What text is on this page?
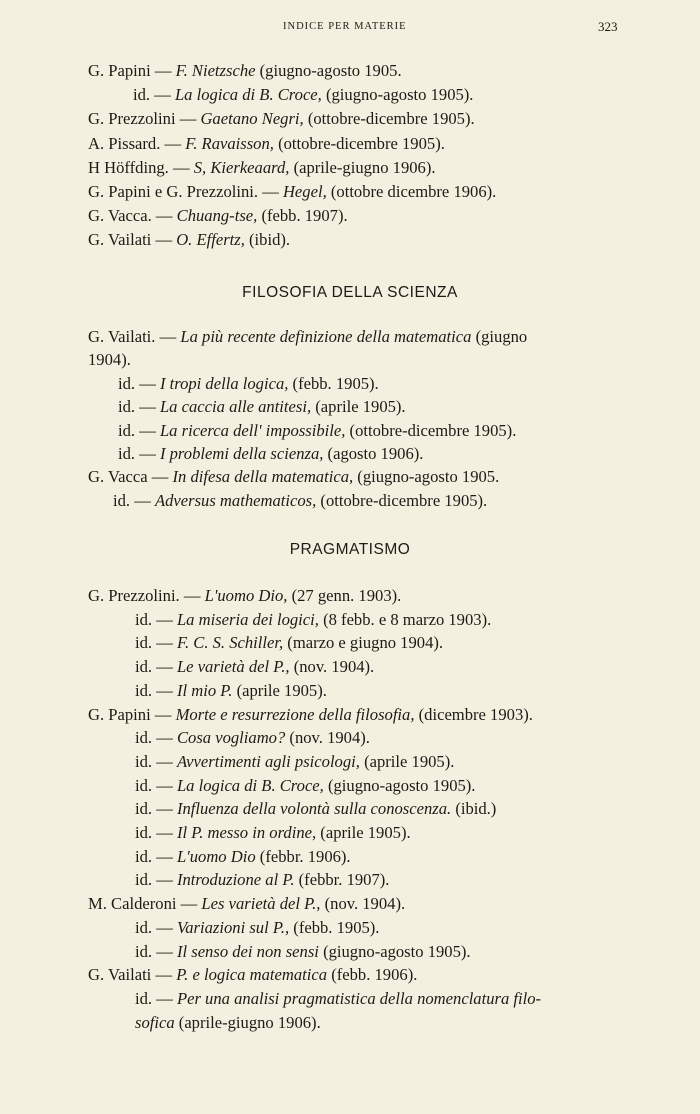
INDICE PER MATERIE	323
G. Papini — F. Nietzsche (giugno-agosto 1905.
id. — La logica di B. Croce, (giugno-agosto 1905).
G. Prezzolini — Gaetano Negri, (ottobre-dicembre 1905).
A. Pissard. — F. Ravaisson, (ottobre-dicembre 1905).
H Höffding. — S, Kierkeaard, (aprile-giugno 1906).
G. Papini e G. Prezzolini. — Hegel, (ottobre dicembre 1906).
G. Vacca. — Chuang-tse, (febb. 1907).
G. Vailati — O. Effertz, (ibid).
FILOSOFIA DELLA SCIENZA
G. Vailati. — La più recente definizione della matematica (giugno
1904).
id. — I tropi della logica, (febb. 1905).
id. — La caccia alle antitesi, (aprile 1905).
id. — La ricerca dell' impossibile, (ottobre-dicembre 1905).
id. — I problemi della scienza, (agosto 1906).
G. Vacca — In difesa della matematica, (giugno-agosto 1905.
id. — Adversus mathematicos, (ottobre-dicembre 1905).
PRAGMATISMO
G. Prezzolini. — L'uomo Dio, (27 genn. 1903).
id. — La miseria dei logici, (8 febb. e 8 marzo 1903).
id. — F. C. S. Schiller, (marzo e giugno 1904).
id. — Le varietà del P., (nov. 1904).
id. — Il mio P. (aprile 1905).
G. Papini — Morte e resurrezione della filosofia, (dicembre 1903).
id. — Cosa vogliamo? (nov. 1904).
id. — Avvertimenti agli psicologi, (aprile 1905).
id. — La logica di B. Croce, (giugno-agosto 1905).
id. — Influenza della volontà sulla conoscenza. (ibid.)
id. — Il P. messo in ordine, (aprile 1905).
id. — L'uomo Dio (febbr. 1906).
id. — Introduzione al P. (febbr. 1907).
M. Calderoni — Les varietà del P., (nov. 1904).
id. — Variazioni sul P., (febb. 1905).
id. — Il senso dei non sensi (giugno-agosto 1905).
G. Vailati — P. e logica matematica (febb. 1906).
id. — Per una analisi pragmatistica della nomenclatura filo-
sofica (aprile-giugno 1906).
